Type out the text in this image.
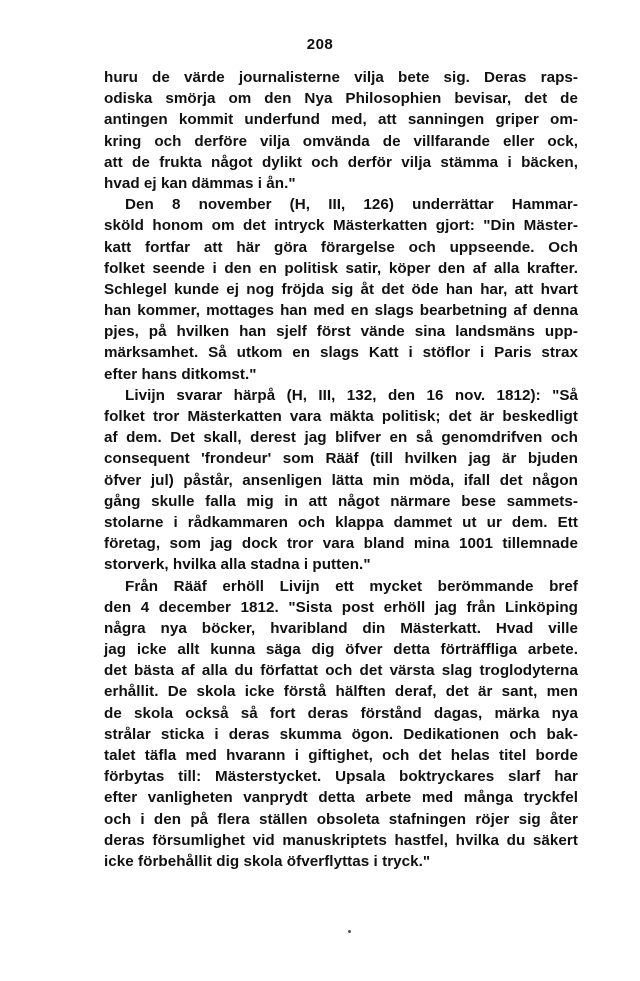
208
huru de värde journalisterne vilja bete sig. Deras raps-
odiska smörja om den Nya Philosophien bevisar, det de
antingen kommit underfund med, att sanningen griper om-
kring och derföre vilja omvända de villfarande eller ock,
att de frukta något dylikt och derför vilja stämma i bäcken,
hvad ej kan dämmas i ån."
Den 8 november (H, III, 126) underrättar Hammar-
sköld honom om det intryck Mästerkatten gjort: "Din Mäster-
katt fortfar att här göra förargelse och uppseende. Och
folket seende i den en politisk satir, köper den af alla krafter.
Schlegel kunde ej nog fröjda sig åt det öde han har, att hvart
han kommer, mottages han med en slags bearbetning af denna
pjes, på hvilken han sjelf först vände sina landsmäns upp-
märksamhet. Så utkom en slags Katt i stöflor i Paris strax
efter hans ditkomst."
Livijn svarar härpå (H, III, 132, den 16 nov. 1812): "Så
folket tror Mästerkatten vara mäkta politisk; det är beskedligt
af dem. Det skall, derest jag blifver en så genomdrifven och
consequent 'frondeur' som Rääf (till hvilken jag är bjuden
öfver jul) påstår, ansenligen lätta min möda, ifall det någon
gång skulle falla mig in att något närmare bese sammets-
stolarne i rådkammaren och klappa dammet ut ur dem. Ett
företag, som jag dock tror vara bland mina 1001 tillemnade
storverk, hvilka alla stadna i putten."
Från Rääf erhöll Livijn ett mycket berömmande bref
den 4 december 1812. "Sista post erhöll jag från Linköping
några nya böcker, hvaribland din Mästerkatt. Hvad ville
jag icke allt kunna säga dig öfver detta förträffliga arbete.
det bästa af alla du författat och det värsta slag troglodyterna
erhållit. De skola icke förstå hälften deraf, det är sant, men
de skola också så fort deras förstånd dagas, märka nya
strålar sticka i deras skumma ögon. Dedikationen och bak-
talet täfla med hvarann i giftighet, och det helas titel borde
förbytas till: Mästerstycket. Upsala boktryckares slarf har
efter vanligheten vanprydt detta arbete med många tryckfel
och i den på flera ställen obsoleta stafningen röjer sig åter
deras försumlighet vid manuskriptets hastfel, hvilka du säkert
icke förbehållit dig skola öfverflyttas i tryck."
